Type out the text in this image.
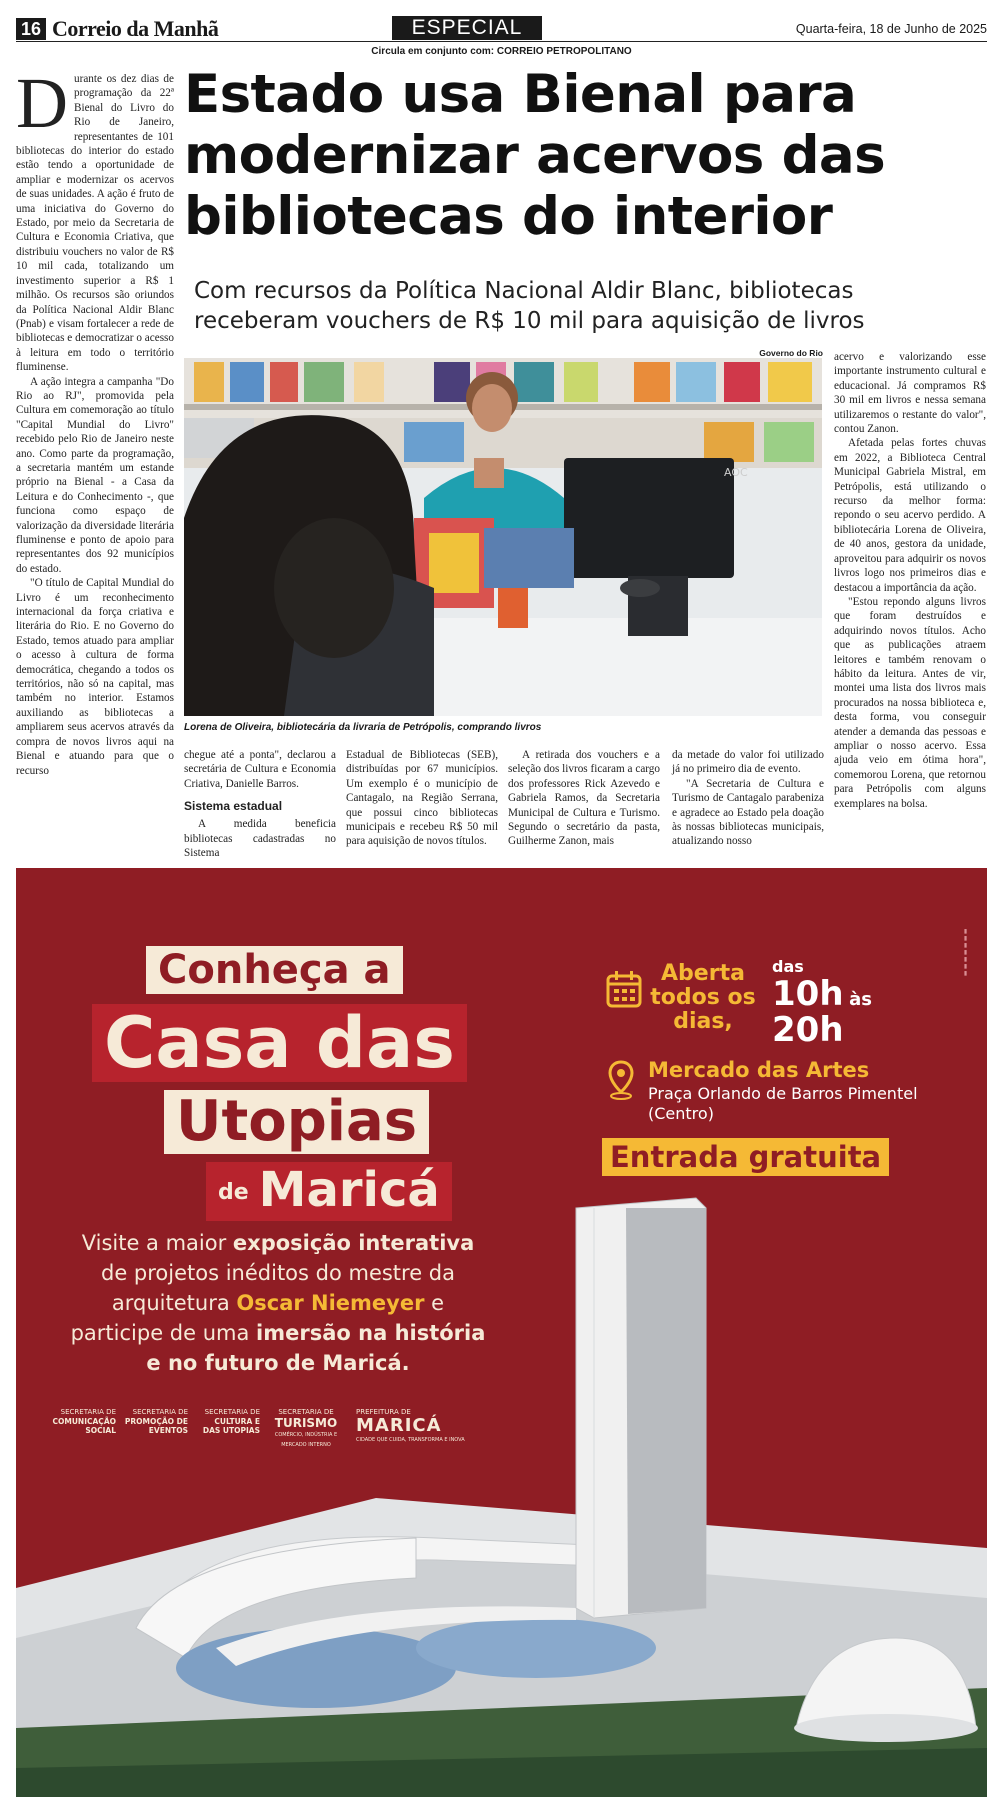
16 Correio da Manhã	ESPECIAL	Quarta-feira, 18 de Junho de 2025
Circula em conjunto com: CORREIO PETROPOLITANO
Estado usa Bienal para modernizar acervos das bibliotecas do interior
Com recursos da Política Nacional Aldir Blanc, bibliotecas receberam vouchers de R$ 10 mil para aquisição de livros

Durante os dez dias de programação da 22ª Bienal do Livro do Rio de Janeiro, representantes de 101 bibliotecas do interior do estado estão tendo a oportunidade de ampliar e modernizar os acervos de suas unidades. A ação é fruto de uma iniciativa do Governo do Estado, por meio da Secretaria de Cultura e Economia Criativa, que distribuiu vouchers no valor de R$ 10 mil cada, totalizando um investimento superior a R$ 1 milhão. Os recursos são oriundos da Política Nacional Aldir Blanc (Pnab) e visam fortalecer a rede de bibliotecas e democratizar o acesso à leitura em todo o território fluminense.

A ação integra a campanha "Do Rio ao RJ", promovida pela Cultura em comemoração ao título "Capital Mundial do Livro" recebido pelo Rio de Janeiro neste ano. Como parte da programação, a secretaria mantém um estande próprio na Bienal - a Casa da Leitura e do Conhecimento -, que funciona como espaço de valorização da diversidade literária fluminense e ponto de apoio para representantes dos 92 municípios do estado.

"O título de Capital Mundial do Livro é um reconhecimento internacional da força criativa e literária do Rio. E no Governo do Estado, temos atuado para ampliar o acesso à cultura de forma democrática, chegando a todos os territórios, não só na capital, mas também no interior. Estamos auxiliando as bibliotecas a ampliarem seus acervos através da compra de novos livros aqui na Bienal e atuando para que o recurso

Governo do Rio
AOC
Lorena de Oliveira, bibliotecária da livraria de Petrópolis, comprando livros

acervo e valorizando esse importante instrumento cultural e educacional. Já compramos R$ 30 mil em livros e nessa semana utilizaremos o restante do valor", contou Zanon.

Afetada pelas fortes chuvas em 2022, a Biblioteca Central Municipal Gabriela Mistral, em Petrópolis, está utilizando o recurso da melhor forma: repondo o seu acervo perdido. A bibliotecária Lorena de Oliveira, de 40 anos, gestora da unidade, aproveitou para adquirir os novos livros logo nos primeiros dias e destacou a importância da ação.

"Estou repondo alguns livros que foram destruídos e adquirindo novos títulos. Acho que as publicações atraem leitores e também renovam o hábito da leitura. Antes de vir, montei uma lista dos livros mais procurados na nossa biblioteca e, desta forma, vou conseguir atender a demanda das pessoas e ampliar o nosso acervo. Essa ajuda veio em ótima hora", comemorou Lorena, que retornou para Petrópolis com alguns exemplares na bolsa.

chegue até a ponta", declarou a secretária de Cultura e Economia Criativa, Danielle Barros.

Sistema estadual

A medida beneficia bibliotecas cadastradas no Sistema

Estadual de Bibliotecas (SEB), distribuídas por 67 municípios. Um exemplo é o município de Cantagalo, na Região Serrana, que possui cinco bibliotecas municipais e recebeu R$ 50 mil para aquisição de novos títulos.

A retirada dos vouchers e a seleção dos livros ficaram a cargo dos professores Rick Azevedo e Gabriela Ramos, da Secretaria Municipal de Cultura e Turismo. Segundo o secretário da pasta, Guilherme Zanon, mais

da metade do valor foi utilizado já no primeiro dia de evento.

"A Secretaria de Cultura e Turismo de Cantagalo parabeniza e agradece ao Estado pela doação às nossas bibliotecas municipais, atualizando nosso

▮▮▮▮▮▮▮
Conheça a
Casa das
Utopias
de Maricá
Visite a maior exposição interativa de projetos inéditos do mestre da arquitetura Oscar Niemeyer e participe de uma imersão na história e no futuro de Maricá.
Aberta todos os dias,
das
10h às
20h
Mercado das Artes
Praça Orlando de Barros Pimentel (Centro)
Entrada gratuita
SECRETARIA DE
COMUNICAÇÃO SOCIAL
SECRETARIA DE
PROMOÇÃO DE EVENTOS
SECRETARIA DE
CULTURA E DAS UTOPIAS
SECRETARIA DE
TURISMO
COMÉRCIO, INDÚSTRIA E MERCADO INTERNO
PREFEITURA DE
MARICÁ
CIDADE QUE CUIDA, TRANSFORMA E INOVA
